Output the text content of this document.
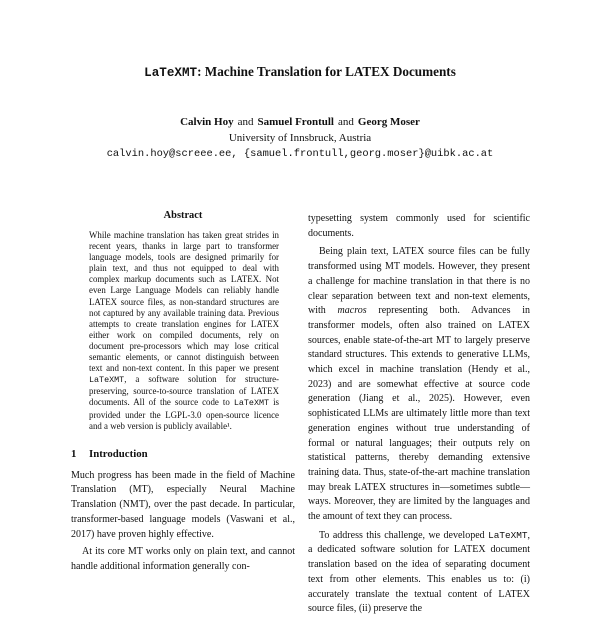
LaTeXMT: Machine Translation for LATEX Documents
Calvin Hoy and Samuel Frontull and Georg Moser
University of Innsbruck, Austria
calvin.hoy@screee.ee, {samuel.frontull,georg.moser}@uibk.ac.at
Abstract

While machine translation has taken great strides in recent years, thanks in large part to transformer language models, tools are designed primarily for plain text, and thus not equipped to deal with complex markup documents such as LATEX. Not even Large Language Models can reliably handle LATEX source files, as non-standard structures are not captured by any available training data. Previous attempts to create translation engines for LATEX either work on compiled documents, rely on document pre-processors which may lose critical semantic elements, or cannot distinguish between text and non-text content. In this paper we present LaTeXMT, a software solution for structure-preserving, source-to-source translation of LATEX documents. All of the source code to LaTeXMT is provided under the LGPL-3.0 open-source licence and a web version is publicly available¹.

1 Introduction

Much progress has been made in the field of Machine Translation (MT), especially Neural Machine Translation (NMT), over the past decade. In particular, transformer-based language models (Vaswani et al., 2017) have proven highly effective.

At its core MT works only on plain text, and cannot handle additional information generally con-

typesetting system commonly used for scientific documents.

Being plain text, LATEX source files can be fully transformed using MT models. However, they present a challenge for machine translation in that there is no clear separation between text and non-text elements, with macros representing both. Advances in transformer models, often also trained on LATEX sources, enable state-of-the-art MT to largely preserve standard structures. This extends to generative LLMs, which excel in machine translation (Hendy et al., 2023) and are somewhat effective at source code generation (Jiang et al., 2025). However, even sophisticated LLMs are ultimately little more than text generation engines without true understanding of formal or natural languages; their outputs rely on statistical patterns, thereby demanding extensive training data. Thus, state-of-the-art machine translation may break LATEX structures in—sometimes subtle—ways. Moreover, they are limited by the languages and the amount of text they can process.

To address this challenge, we developed LaTeXMT, a dedicated software solution for LATEX document translation based on the idea of separating document text from other elements. This enables us to: (i) accurately translate the textual content of LATEX source files, (ii) preserve the
